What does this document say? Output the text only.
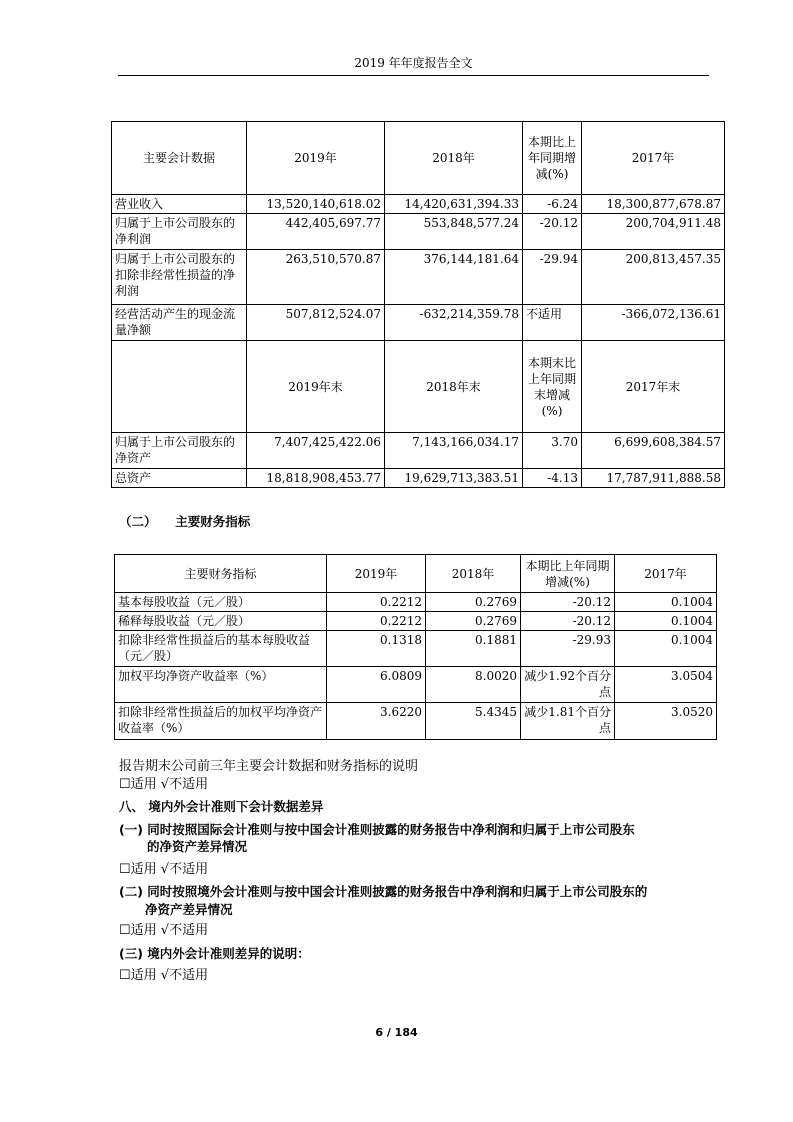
2019 年年度报告全文
主要会计数据	2019年	2018年	本期比上年同期增减(%)	2017年
营业收入	13,520,140,618.02	14,420,631,394.33	-6.24	18,300,877,678.87
归属于上市公司股东的净利润	442,405,697.77	553,848,577.24	-20.12	200,704,911.48
归属于上市公司股东的扣除非经常性损益的净利润	263,510,570.87	376,144,181.64	-29.94	200,813,457.35
经营活动产生的现金流量净额	507,812,524.07	-632,214,359.78	不适用	-366,072,136.61
	2019年末	2018年末	本期末比上年同期末增减(%)	2017年末
归属于上市公司股东的净资产	7,407,425,422.06	7,143,166,034.17	3.70	6,699,608,384.57
总资产	18,818,908,453.77	19,629,713,383.51	-4.13	17,787,911,888.58
（二）　　主要财务指标
主要财务指标	2019年	2018年	本期比上年同期增减(%)	2017年
基本每股收益（元／股）	0.2212	0.2769	-20.12	0.1004
稀释每股收益（元／股）	0.2212	0.2769	-20.12	0.1004
扣除非经常性损益后的基本每股收益（元／股）	0.1318	0.1881	-29.93	0.1004
加权平均净资产收益率（%）	6.0809	8.0020	减少1.92个百分点	3.0504
扣除非经常性损益后的加权平均净资产收益率（%）	3.6220	5.4345	减少1.81个百分点	3.0520
报告期末公司前三年主要会计数据和财务指标的说明
☐适用 √不适用
八、 境内外会计准则下会计数据差异
(一) 同时按照国际会计准则与按中国会计准则披露的财务报告中净利润和归属于上市公司股东
的净资产差异情况
☐适用 √不适用
(二) 同时按照境外会计准则与按中国会计准则披露的财务报告中净利润和归属于上市公司股东的
净资产差异情况
☐适用 √不适用
(三) 境内外会计准则差异的说明：
☐适用 √不适用
6 / 184
